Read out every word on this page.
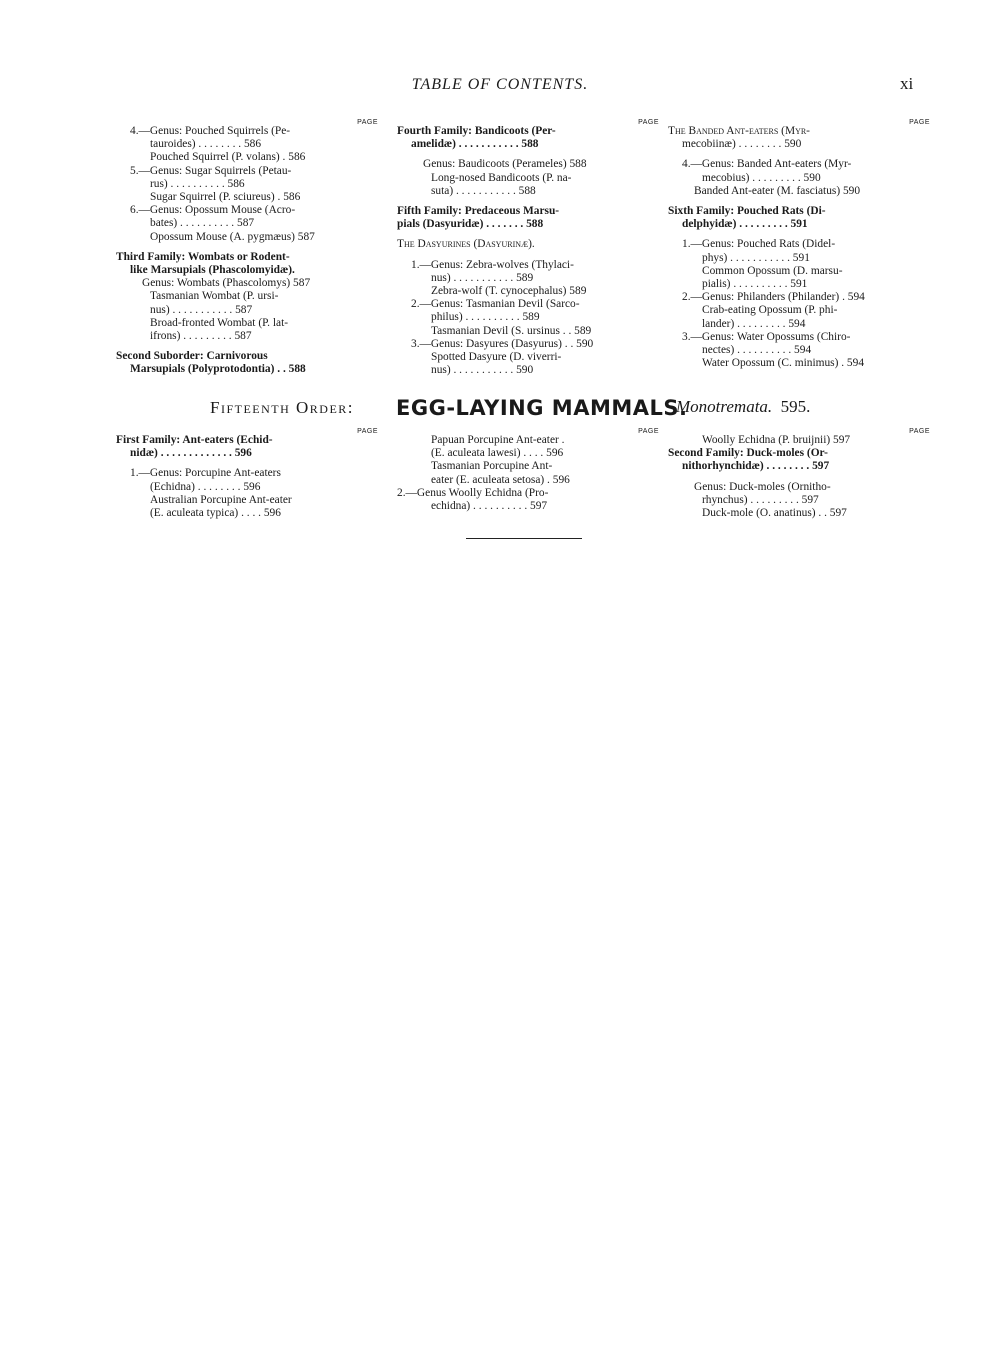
TABLE OF CONTENTS.	xi
PAGE
4.—Genus: Pouched Squirrels (Pe-
tauroides) . . . . . . . . 586
Pouched Squirrel (P. volans) . 586
5.—Genus: Sugar Squirrels (Petau-
rus) . . . . . . . . . . 586
Sugar Squirrel (P. sciureus) . 586
6.—Genus: Opossum Mouse (Acro-
bates) . . . . . . . . . . 587
Opossum Mouse (A. pygmæus) 587
Third Family: Wombats or Rodent-
like Marsupials (Phascolomyidæ).
Genus: Wombats (Phascolomys) 587
Tasmanian Wombat (P. ursi-
nus) . . . . . . . . . . . 587
Broad-fronted Wombat (P. lat-
ifrons) . . . . . . . . . 587
Second Suborder: Carnivorous
Marsupials (Polyprotodontia) . . 588
PAGE
Fourth Family: Bandicoots (Per-
amelidæ) . . . . . . . . . . . 588
Genus: Baudicoots (Perameles) 588
Long-nosed Bandicoots (P. na-
suta) . . . . . . . . . . . 588
Fifth Family: Predaceous Marsu-
pials (Dasyuridæ) . . . . . . . 588
The Dasyurines (Dasyurinæ).
1.—Genus: Zebra-wolves (Thylaci-
nus) . . . . . . . . . . . 589
Zebra-wolf (T. cynocephalus) 589
2.—Genus: Tasmanian Devil (Sarco-
philus) . . . . . . . . . . 589
Tasmanian Devil (S. ursinus . . 589
3.—Genus: Dasyures (Dasyurus) . . 590
Spotted Dasyure (D. viverri-
nus) . . . . . . . . . . . 590
PAGE
The Banded Ant-eaters (Myr-
mecobiinæ) . . . . . . . . 590
4.—Genus: Banded Ant-eaters (Myr-
mecobius) . . . . . . . . . 590
Banded Ant-eater (M. fasciatus) 590
Sixth Family: Pouched Rats (Di-
delphyidæ) . . . . . . . . . 591
1.—Genus: Pouched Rats (Didel-
phys) . . . . . . . . . . . 591
Common Opossum (D. marsu-
pialis) . . . . . . . . . . 591
2.—Genus: Philanders (Philander) . 594
Crab-eating Opossum (P. phi-
lander) . . . . . . . . . 594
3.—Genus: Water Opossums (Chiro-
nectes) . . . . . . . . . . 594
Water Opossum (C. minimus) . 594
Fifteenth Order: EGG-LAYING MAMMALS.
Monotremata. 595.
PAGE
First Family: Ant-eaters (Echid-
nidæ) . . . . . . . . . . . . . 596
1.—Genus: Porcupine Ant-eaters
(Echidna) . . . . . . . . 596
Australian Porcupine Ant-eater
(E. aculeata typica) . . . . 596
PAGE
Papuan Porcupine Ant-eater .
(E. aculeata lawesi) . . . . 596
Tasmanian Porcupine Ant-
eater (E. aculeata setosa) . 596
2.—Genus Woolly Echidna (Pro-
echidna) . . . . . . . . . . 597
PAGE
Woolly Echidna (P. bruijnii) 597
Second Family: Duck-moles (Or-
nithorhynchidæ) . . . . . . . . 597
Genus: Duck-moles (Ornitho-
rhynchus) . . . . . . . . . 597
Duck-mole (O. anatinus) . . 597
